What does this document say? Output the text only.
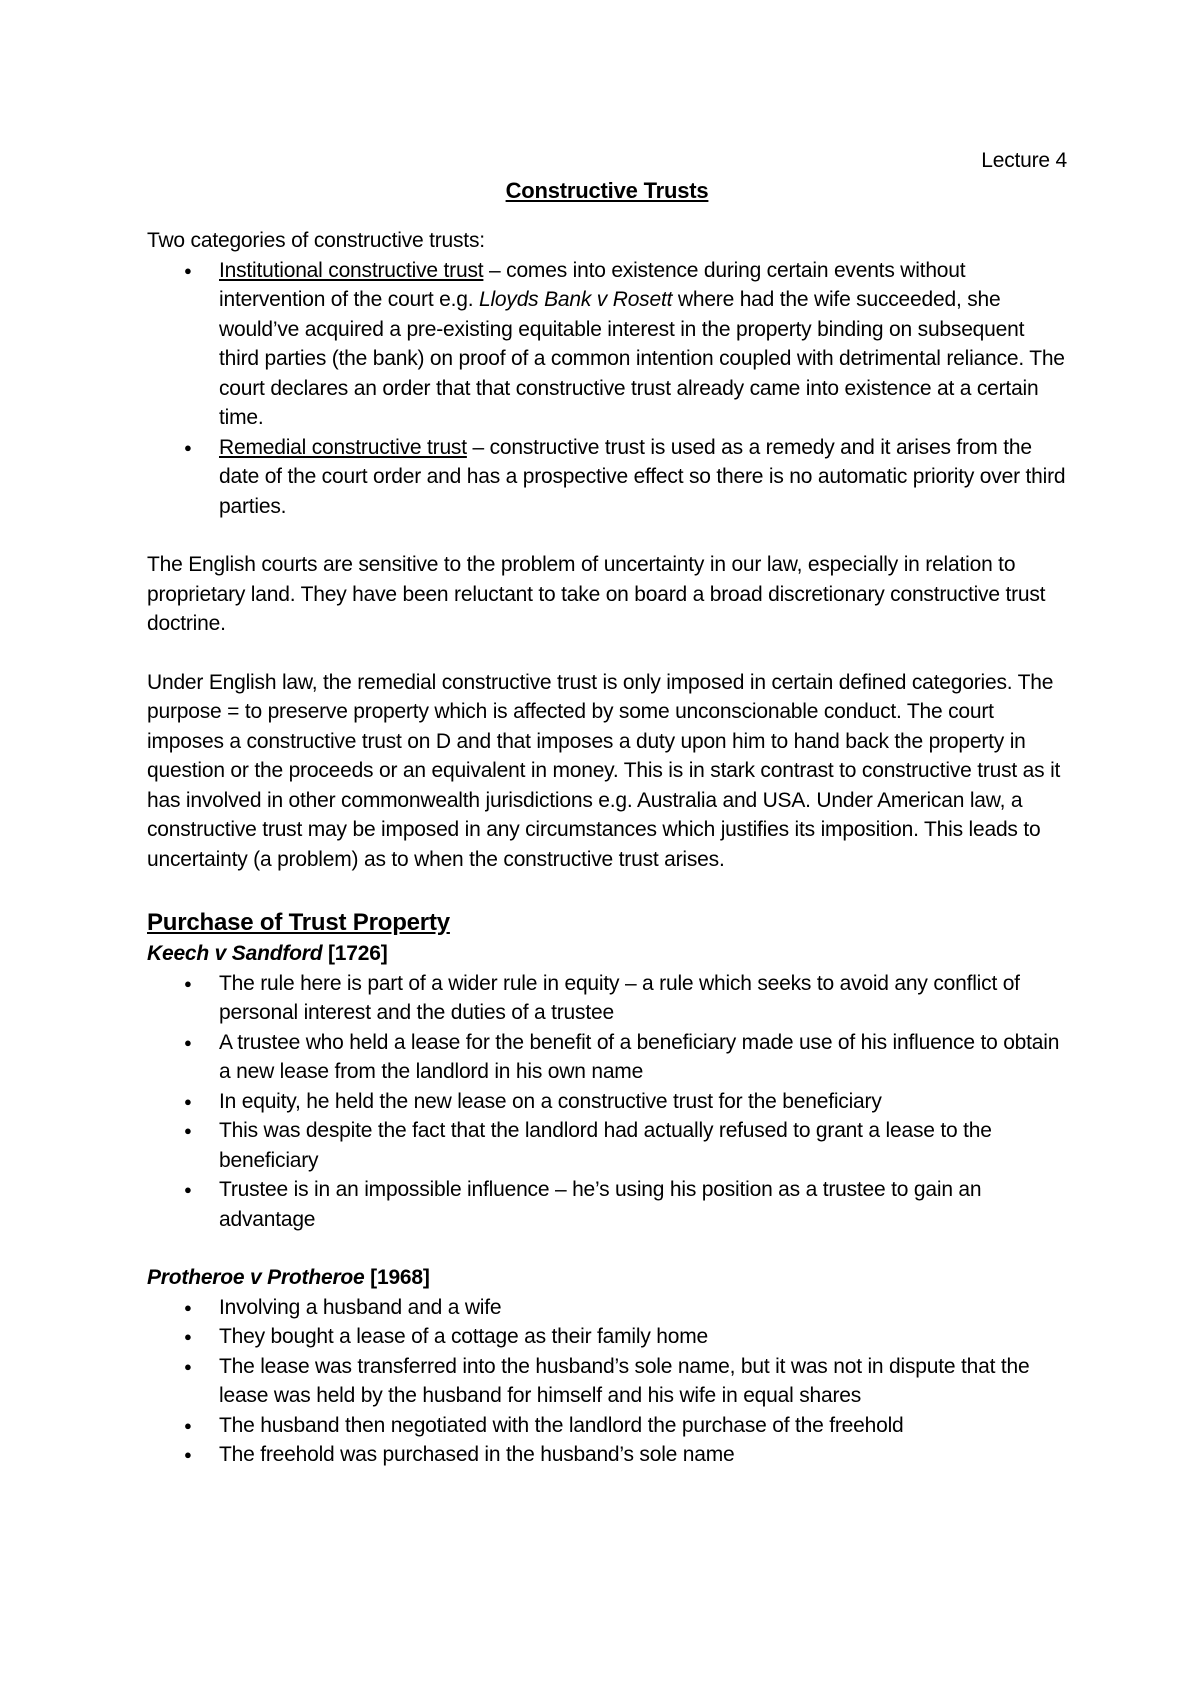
Lecture 4

Constructive Trusts

Two categories of constructive trusts:

● Institutional constructive trust – comes into existence during certain events without intervention of the court e.g. Lloyds Bank v Rosett where had the wife succeeded, she would’ve acquired a pre-existing equitable interest in the property binding on subsequent third parties (the bank) on proof of a common intention coupled with detrimental reliance. The court declares an order that that constructive trust already came into existence at a certain time.
● Remedial constructive trust – constructive trust is used as a remedy and it arises from the date of the court order and has a prospective effect so there is no automatic priority over third parties.

The English courts are sensitive to the problem of uncertainty in our law, especially in relation to proprietary land. They have been reluctant to take on board a broad discretionary constructive trust doctrine.

Under English law, the remedial constructive trust is only imposed in certain defined categories. The purpose = to preserve property which is affected by some unconscionable conduct. The court imposes a constructive trust on D and that imposes a duty upon him to hand back the property in question or the proceeds or an equivalent in money. This is in stark contrast to constructive trust as it has involved in other commonwealth jurisdictions e.g. Australia and USA. Under American law, a constructive trust may be imposed in any circumstances which justifies its imposition. This leads to uncertainty (a problem) as to when the constructive trust arises.

Purchase of Trust Property

Keech v Sandford [1726]

● The rule here is part of a wider rule in equity – a rule which seeks to avoid any conflict of personal interest and the duties of a trustee
● A trustee who held a lease for the benefit of a beneficiary made use of his influence to obtain a new lease from the landlord in his own name
● In equity, he held the new lease on a constructive trust for the beneficiary
● This was despite the fact that the landlord had actually refused to grant a lease to the beneficiary
● Trustee is in an impossible influence – he’s using his position as a trustee to gain an advantage

Protheroe v Protheroe [1968]

● Involving a husband and a wife
● They bought a lease of a cottage as their family home
● The lease was transferred into the husband’s sole name, but it was not in dispute that the lease was held by the husband for himself and his wife in equal shares
● The husband then negotiated with the landlord the purchase of the freehold
● The freehold was purchased in the husband’s sole name
